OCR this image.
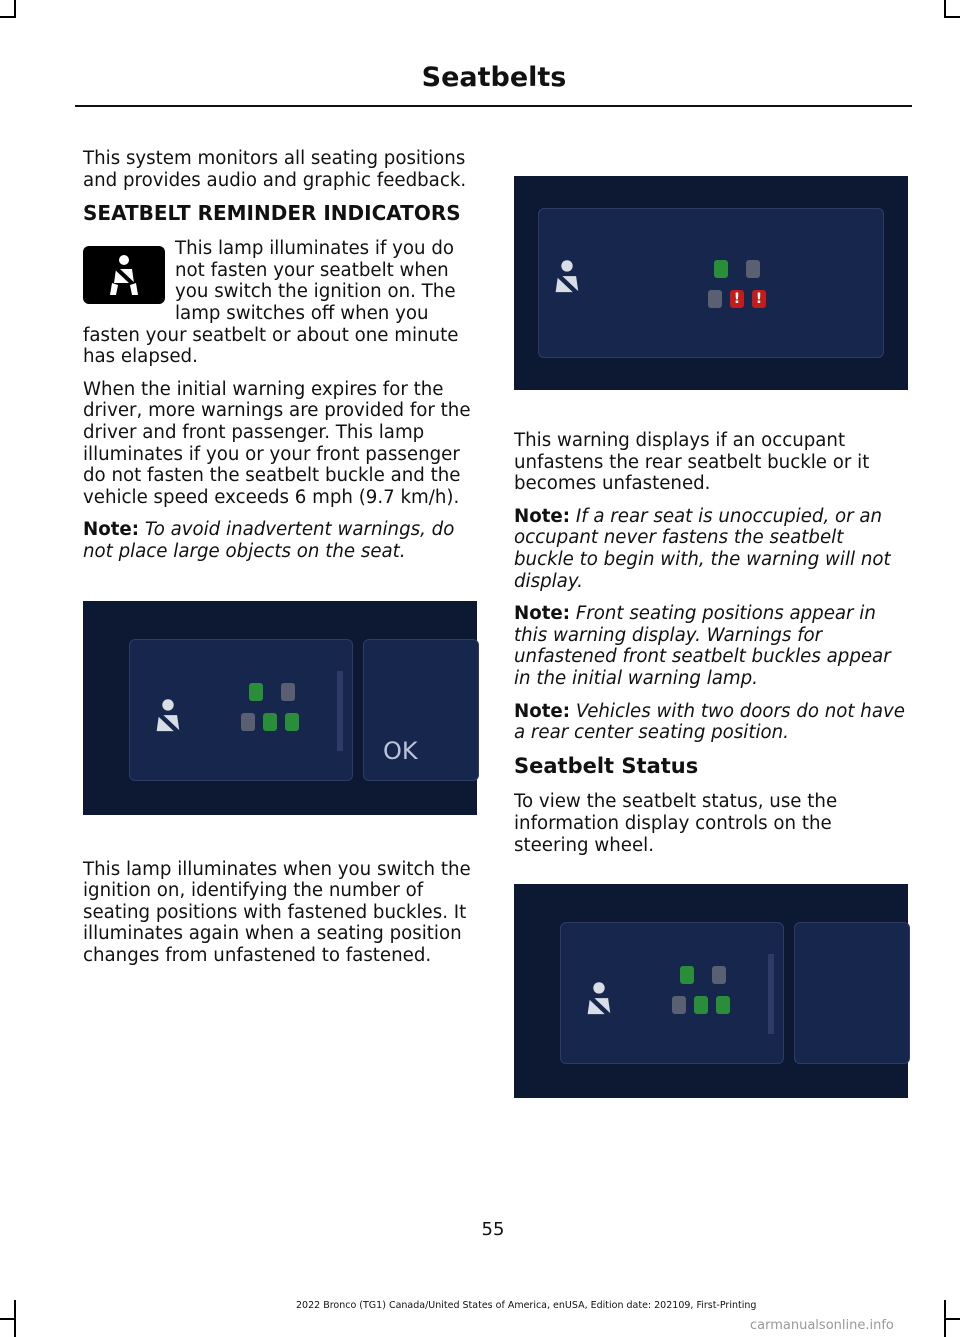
Seatbelts

This system monitors all seating positions and provides audio and graphic feedback.

SEATBELT REMINDER INDICATORS

This lamp illuminates if you do not fasten your seatbelt when you switch the ignition on. The lamp switches off when you fasten your seatbelt or about one minute has elapsed.

When the initial warning expires for the driver, more warnings are provided for the driver and front passenger. This lamp illuminates if you or your front passenger do not fasten the seatbelt buckle and the vehicle speed exceeds 6 mph (9.7 km/h).

Note: To avoid inadvertent warnings, do not place large objects on the seat.

OK

This lamp illuminates when you switch the ignition on, identifying the number of seating positions with fastened buckles. It illuminates again when a seating position changes from unfastened to fastened.

! !

This warning displays if an occupant unfastens the rear seatbelt buckle or it becomes unfastened.

Note: If a rear seat is unoccupied, or an occupant never fastens the seatbelt buckle to begin with, the warning will not display.

Note: Front seating positions appear in this warning display. Warnings for unfastened front seatbelt buckles appear in the initial warning lamp.

Note: Vehicles with two doors do not have a rear center seating position.

Seatbelt Status

To view the seatbelt status, use the information display controls on the steering wheel.

55

2022 Bronco (TG1) Canada/United States of America, enUSA, Edition date: 202109, First-Printing

carmanualsonline.info
